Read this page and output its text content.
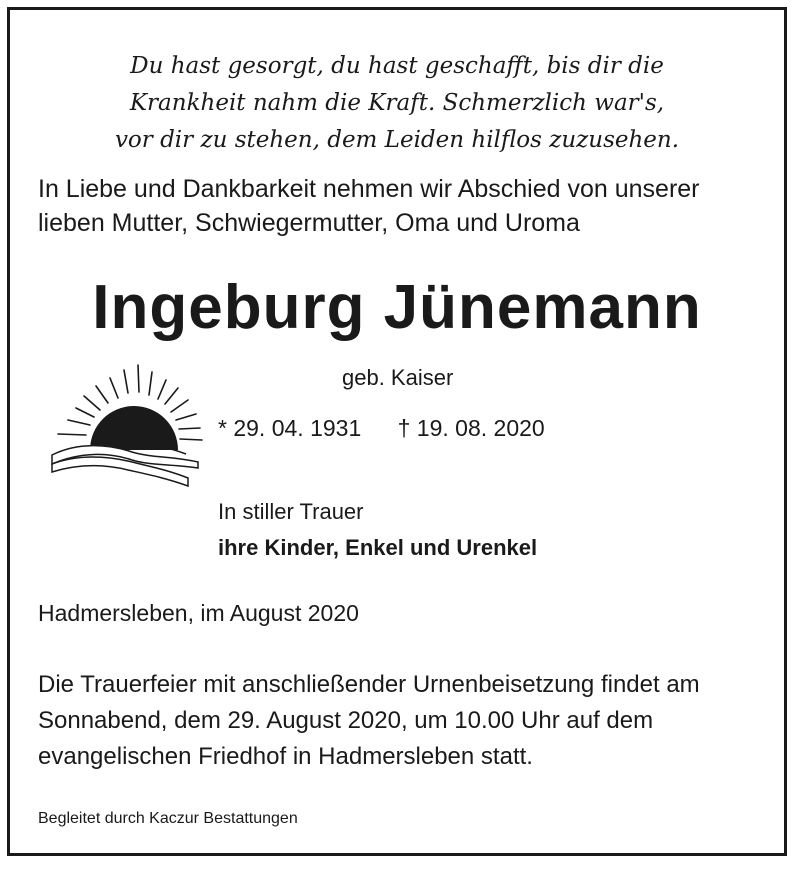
Du hast gesorgt, du hast geschafft, bis dir die
Krankheit nahm die Kraft. Schmerzlich war's,
vor dir zu stehen, dem Leiden hilflos zuzusehen.
In Liebe und Dankbarkeit nehmen wir Abschied von unserer
lieben Mutter, Schwiegermutter, Oma und Uroma
Ingeburg Jünemann
geb. Kaiser
* 29. 04. 1931 † 19. 08. 2020
In stiller Trauer
ihre Kinder, Enkel und Urenkel
Hadmersleben, im August 2020
Die Trauerfeier mit anschließender Urnenbeisetzung findet am
Sonnabend, dem 29. August 2020, um 10.00 Uhr auf dem
evangelischen Friedhof in Hadmersleben statt.
Begleitet durch Kaczur Bestattungen
